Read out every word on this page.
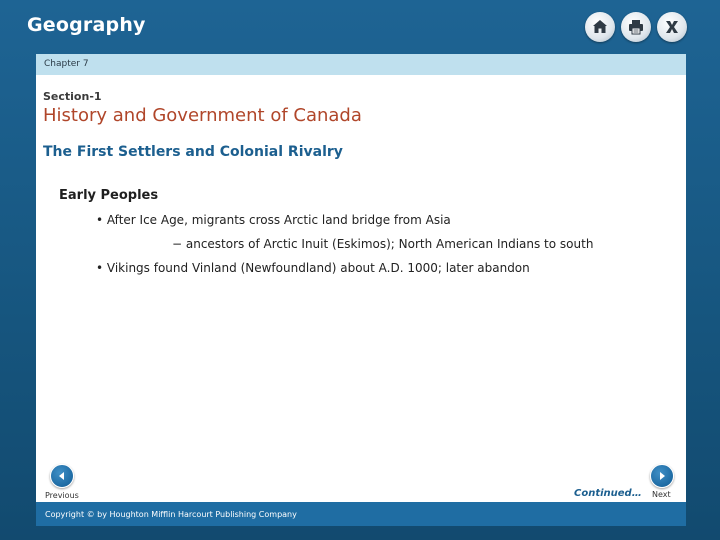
Geography
Chapter 7
Section-1
History and Government of Canada
The First Settlers and Colonial Rivalry
Early Peoples
• After Ice Age, migrants cross Arctic land bridge from Asia
− ancestors of Arctic Inuit (Eskimos); North American Indians to south
• Vikings found Vinland (Newfoundland) about A.D. 1000; later abandon
Previous	Continued… Next
Copyright © by Houghton Mifflin Harcourt Publishing Company
